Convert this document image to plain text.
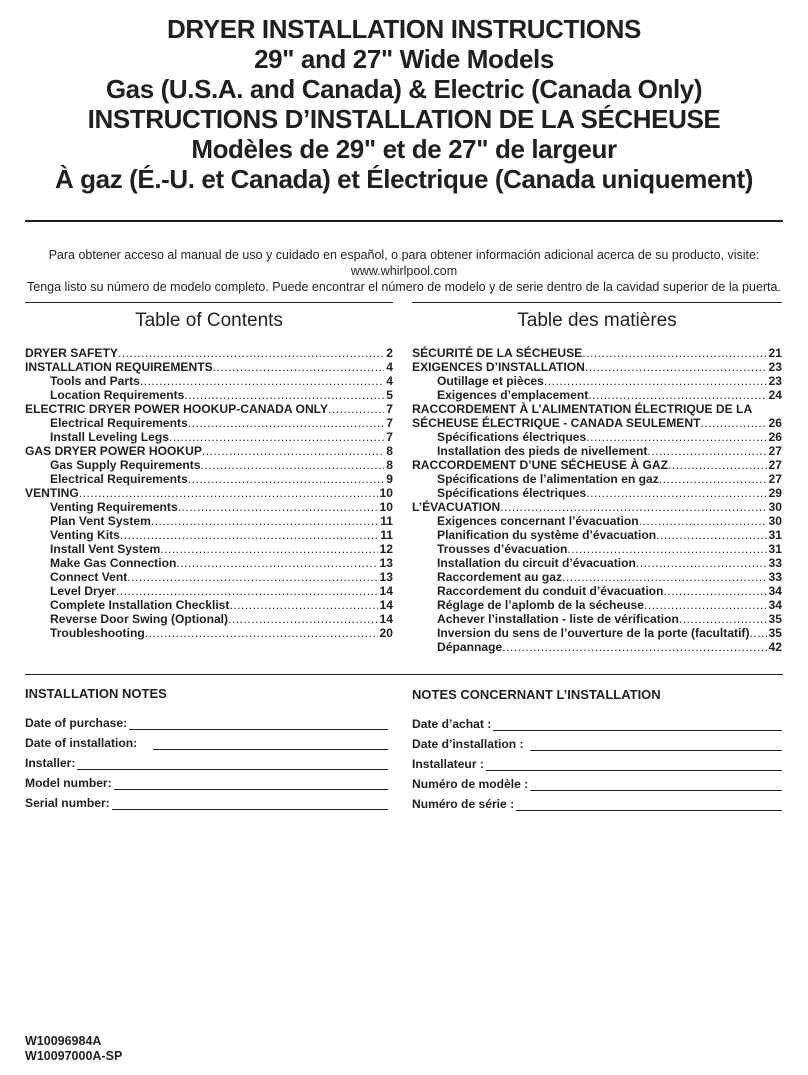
DRYER INSTALLATION INSTRUCTIONS
29" and 27" Wide Models
Gas (U.S.A. and Canada) & Electric (Canada Only)
INSTRUCTIONS D’INSTALLATION DE LA SÉCHEUSE
Modèles de 29" et de 27" de largeur
À gaz (É.-U. et Canada) et Électrique (Canada uniquement)
Para obtener acceso al manual de uso y cuidado en español, o para obtener información adicional acerca de su producto, visite:
www.whirlpool.com
Tenga listo su número de modelo completo. Puede encontrar el número de modelo y de serie dentro de la cavidad superior de la puerta.
Table of Contents	Table des matières
DRYER SAFETY .....	2
INSTALLATION REQUIREMENTS .....	4
Tools and Parts .....	4
Location Requirements .....	5
ELECTRIC DRYER POWER HOOKUP-CANADA ONLY .....	7
Electrical Requirements .....	7
Install Leveling Legs .....	7
GAS DRYER POWER HOOKUP .....	8
Gas Supply Requirements .....	8
Electrical Requirements .....	9
VENTING .....	10
Venting Requirements .....	10
Plan Vent System .....	11
Venting Kits .....	11
Install Vent System .....	12
Make Gas Connection .....	13
Connect Vent .....	13
Level Dryer .....	14
Complete Installation Checklist .....	14
Reverse Door Swing (Optional) .....	14
Troubleshooting .....	20
SÉCURITÉ DE LA SÉCHEUSE .....	21
EXIGENCES D’INSTALLATION .....	23
Outillage et pièces .....	23
Exigences d’emplacement .....	24
RACCORDEMENT À L’ALIMENTATION ÉLECTRIQUE DE LA
SÉCHEUSE ÉLECTRIQUE - CANADA SEULEMENT .....	26
Spécifications électriques .....	26
Installation des pieds de nivellement .....	27
RACCORDEMENT D’UNE SÉCHEUSE À GAZ .....	27
Spécifications de l’alimentation en gaz .....	27
Spécifications électriques .....	29
L’ÉVACUATION .....	30
Exigences concernant l’évacuation .....	30
Planification du système d’évacuation .....	31
Trousses d’évacuation .....	31
Installation du circuit d’évacuation .....	33
Raccordement au gaz .....	33
Raccordement du conduit d’évacuation .....	34
Réglage de l’aplomb de la sécheuse .....	34
Achever l’installation - liste de vérification .....	35
Inversion du sens de l’ouverture de la porte (facultatif) ..... 35
Dépannage .....	42
INSTALLATION NOTES
Date of purchase:
Date of installation:
Installer:
Model number:
Serial number:
NOTES CONCERNANT L’INSTALLATION
Date d’achat :
Date d’installation :
Installateur :
Numéro de modèle :
Numéro de série :
W10096984A
W10097000A-SP
